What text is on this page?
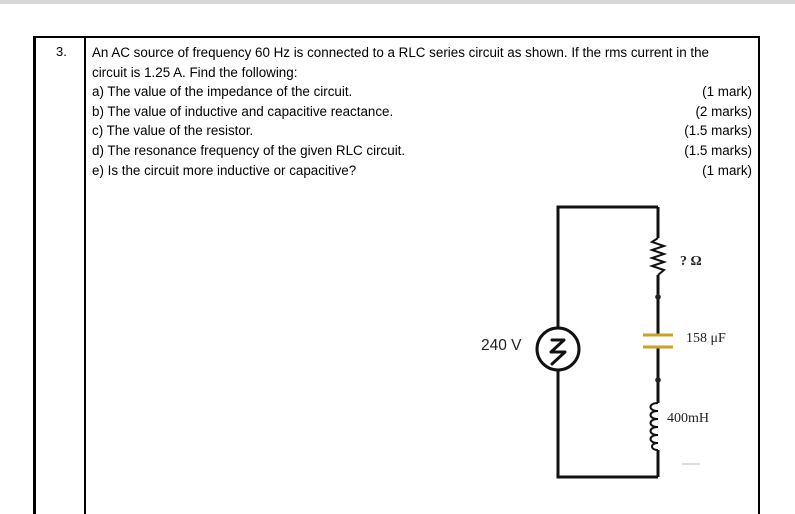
3. An AC source of frequency 60 Hz is connected to a RLC series circuit as shown. If the rms current in the
circuit is 1.25 A. Find the following:
a) The value of the impedance of the circuit.	(1 mark)
b) The value of inductive and capacitive reactance.	(2 marks)
c) The value of the resistor.	(1.5 marks)
d) The resonance frequency of the given RLC circuit.	(1.5 marks)
e) Is the circuit more inductive or capacitive?	(1 mark)
240 V
? Ω
158 μF
400mH
